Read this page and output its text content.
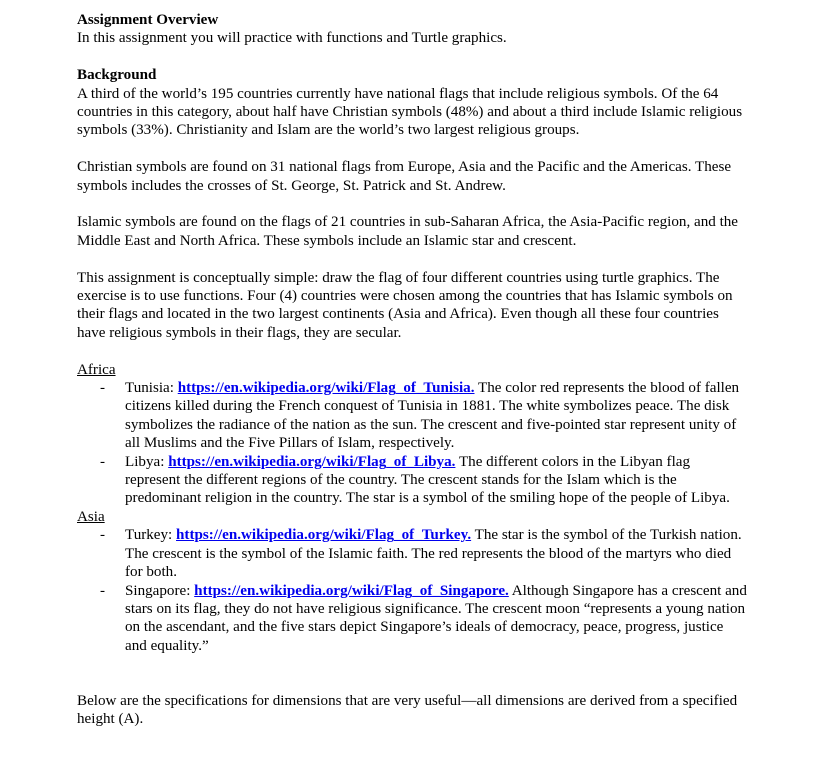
Assignment Overview

In this assignment you will practice with functions and Turtle graphics.

Background

A third of the world’s 195 countries currently have national flags that include religious symbols. Of the 64 countries in this category, about half have Christian symbols (48%) and about a third include Islamic religious symbols (33%). Christianity and Islam are the world’s two largest religious groups.

Christian symbols are found on 31 national flags from Europe, Asia and the Pacific and the Americas. These symbols includes the crosses of St. George, St. Patrick and St. Andrew.

Islamic symbols are found on the flags of 21 countries in sub-Saharan Africa, the Asia-Pacific region, and the Middle East and North Africa. These symbols include an Islamic star and crescent.

This assignment is conceptually simple: draw the flag of four different countries using turtle graphics. The exercise is to use functions. Four (4) countries were chosen among the countries that has Islamic symbols on their flags and located in the two largest continents (Asia and Africa). Even though all these four countries have religious symbols in their flags, they are secular.

Africa

- Tunisia: https://en.wikipedia.org/wiki/Flag_of_Tunisia. The color red represents the blood of fallen citizens killed during the French conquest of Tunisia in 1881. The white symbolizes peace. The disk symbolizes the radiance of the nation as the sun. The crescent and five-pointed star represent unity of all Muslims and the Five Pillars of Islam, respectively.
- Libya: https://en.wikipedia.org/wiki/Flag_of_Libya. The different colors in the Libyan flag represent the different regions of the country. The crescent stands for the Islam which is the predominant religion in the country. The star is a symbol of the smiling hope of the people of Libya.

Asia

- Turkey: https://en.wikipedia.org/wiki/Flag_of_Turkey. The star is the symbol of the Turkish nation. The crescent is the symbol of the Islamic faith. The red represents the blood of the martyrs who died for both.
- Singapore: https://en.wikipedia.org/wiki/Flag_of_Singapore. Although Singapore has a crescent and stars on its flag, they do not have religious significance. The crescent moon “represents a young nation on the ascendant, and the five stars depict Singapore’s ideals of democracy, peace, progress, justice and equality.”

Below are the specifications for dimensions that are very useful—all dimensions are derived from a specified height (A).
